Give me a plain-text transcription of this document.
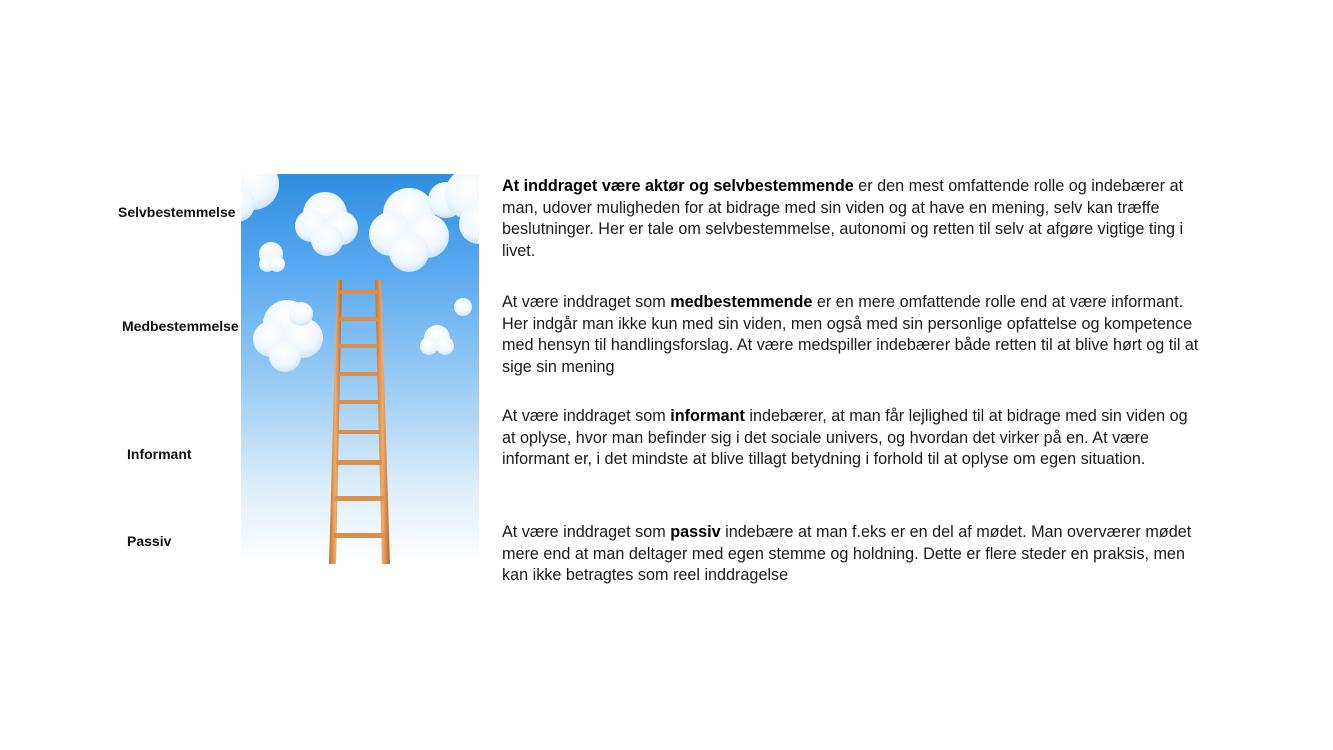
Selvbestemmelse
Medbestemmelse
Informant
Passiv

At inddraget være aktør og selvbestemmende er den mest omfattende rolle og indebærer at man, udover muligheden for at bidrage med sin viden og at have en mening, selv kan træffe beslutninger. Her er tale om selvbestemmelse, autonomi og retten til selv at afgøre vigtige ting i livet.

At være inddraget som medbestemmende er en mere omfattende rolle end at være informant. Her indgår man ikke kun med sin viden, men også med sin personlige opfattelse og kompetence med hensyn til handlingsforslag. At være medspiller indebærer både retten til at blive hørt og til at sige sin mening

At være inddraget som informant indebærer, at man får lejlighed til at bidrage med sin viden og at oplyse, hvor man befinder sig i det sociale univers, og hvordan det virker på en. At være informant er, i det mindste at blive tillagt betydning i forhold til at oplyse om egen situation.

At være inddraget som passiv indebære at man f.eks er en del af mødet. Man overværer mødet mere end at man deltager med egen stemme og holdning. Dette er flere steder en praksis, men kan ikke betragtes som reel inddragelse
